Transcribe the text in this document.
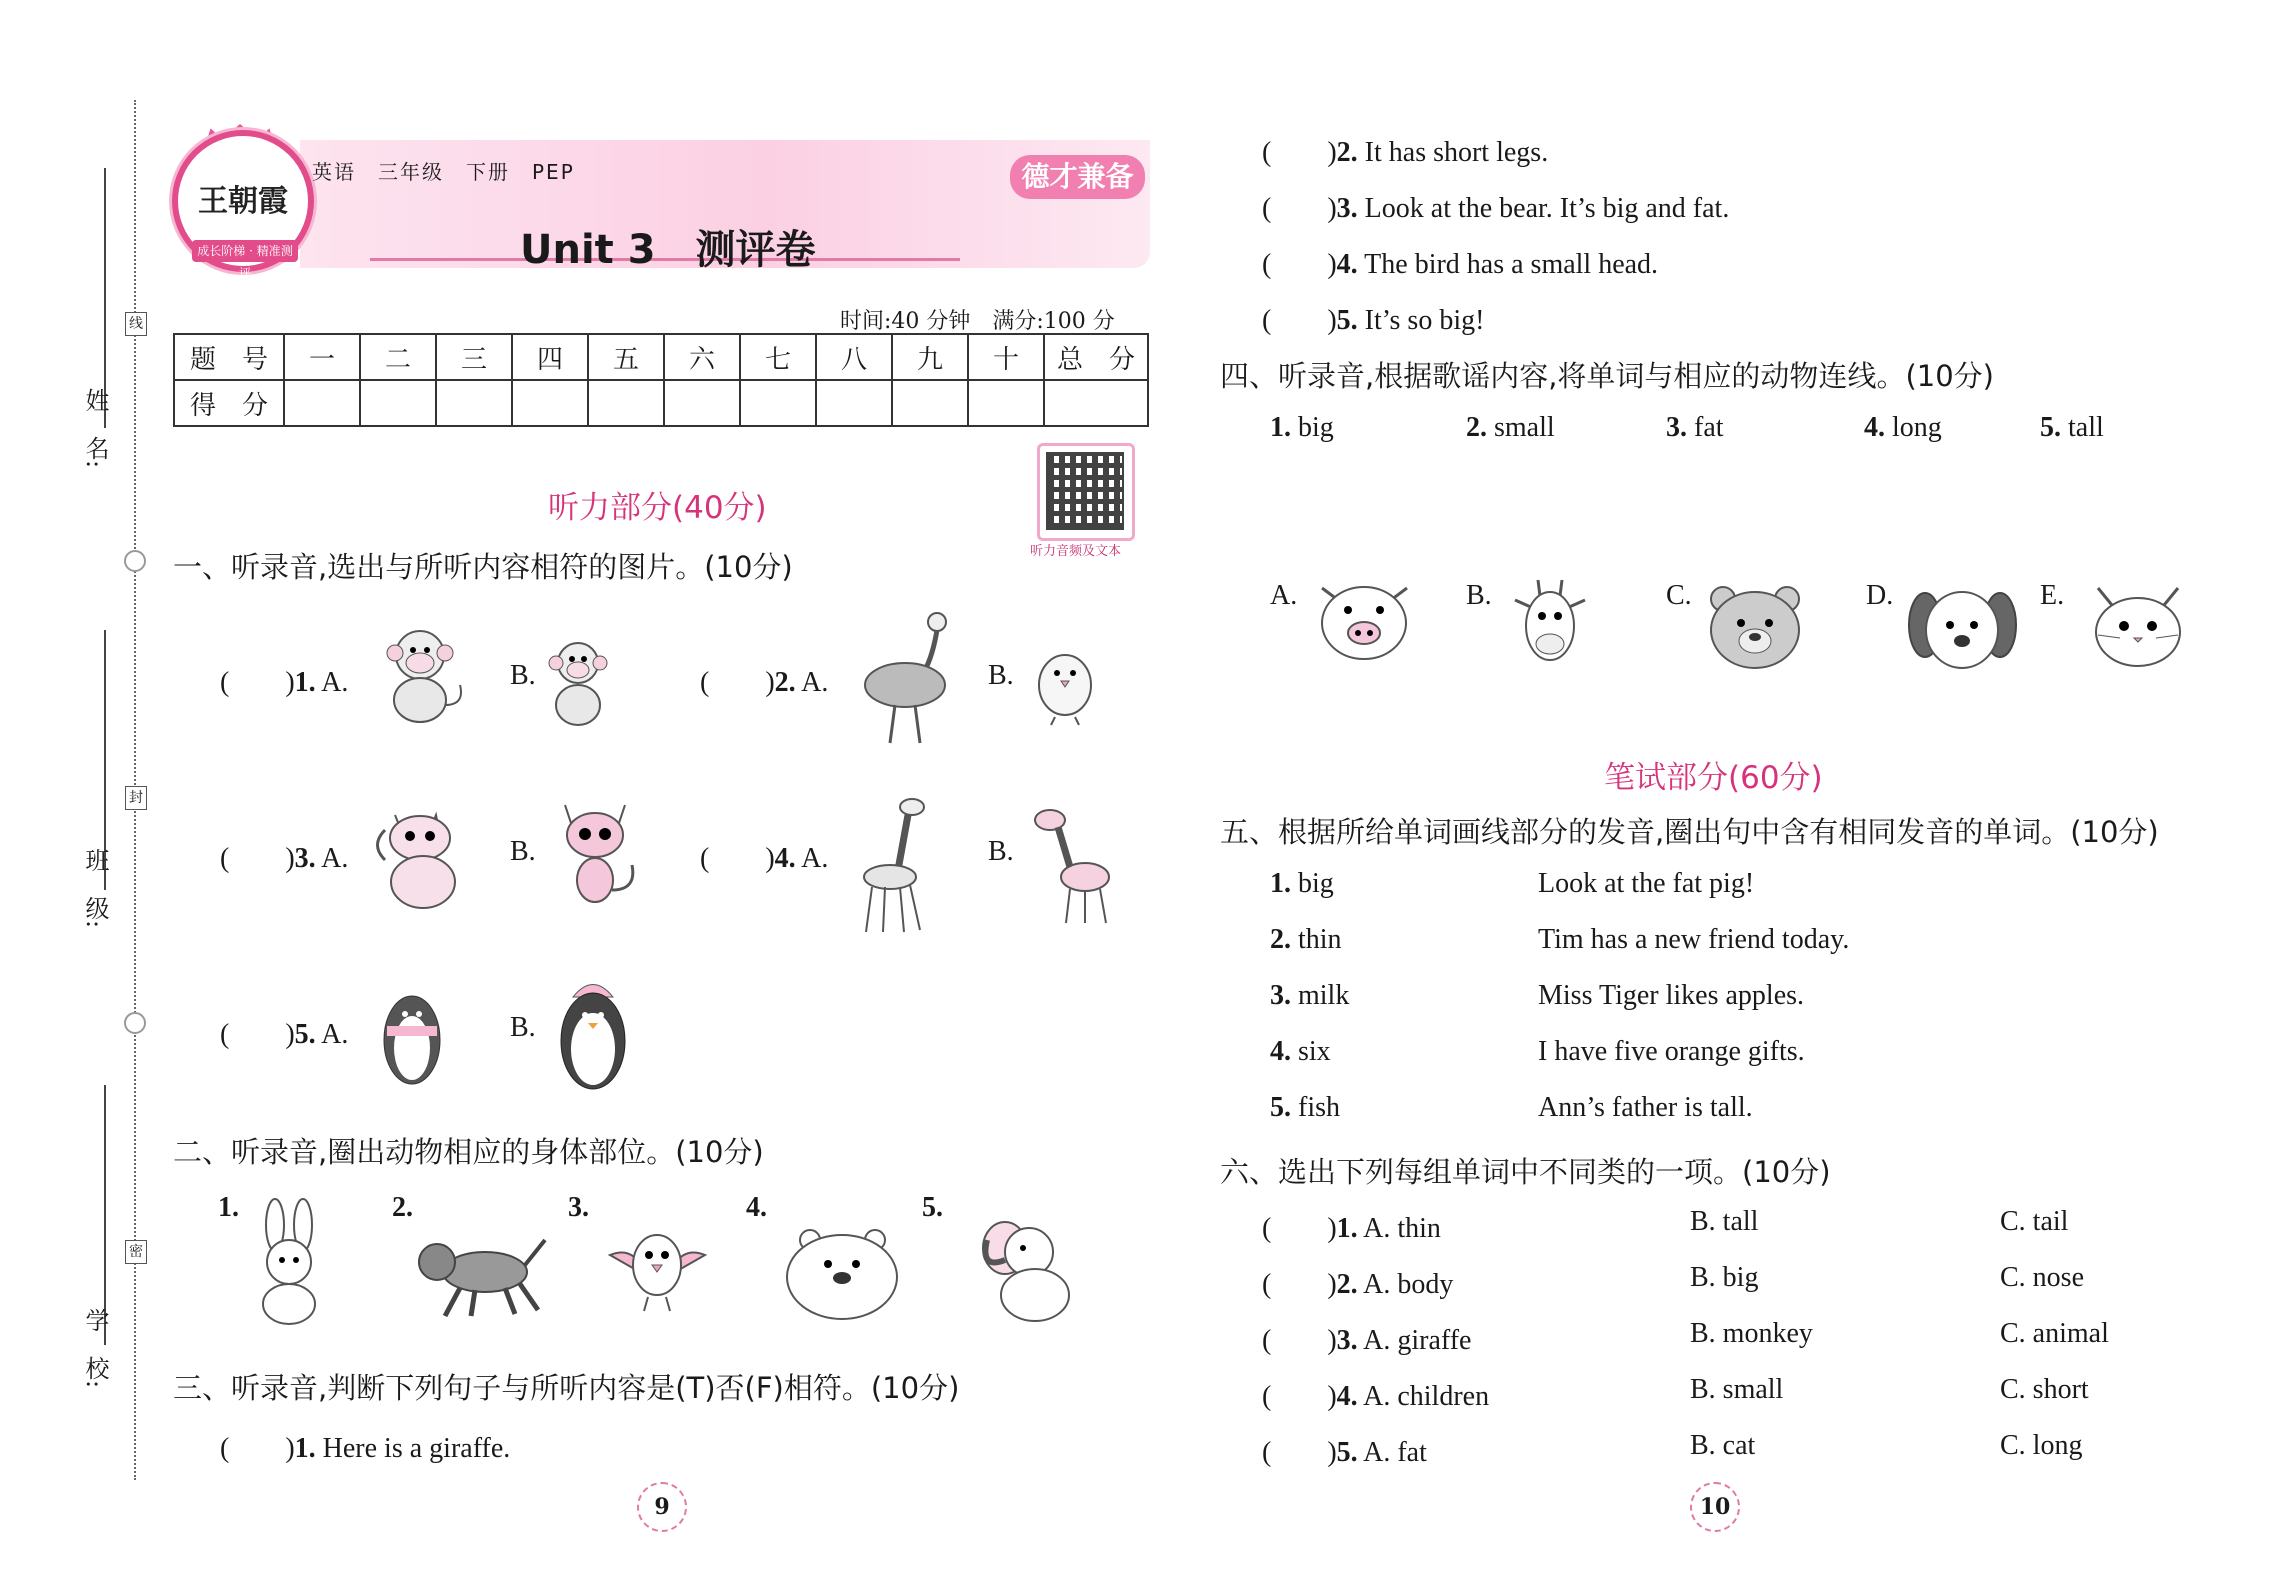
姓　名:
班　级:
学　校:
线
封
密
王朝霞
成长阶梯 · 精准测评
英语　三年级　下册　PEP
Unit 3　测评卷
德才兼备
时间:40 分钟　满分:100 分
题　号	一	二	三	四	五	六	七	八	九	十	总　分
得　分											
听力音频及文本
听力部分(40分)
一、听录音,选出与所听内容相符的图片。(10分)
(　　)1. A.	B.	(　　)2. A.	B.
(　　)3. A.	B.	(　　)4. A.	B.
(　　)5. A.	B.
二、听录音,圈出动物相应的身体部位。(10分)
1.	2.	3.	4.	5.
三、听录音,判断下列句子与所听内容是(T)否(F)相符。(10分)
(　　)1. Here is a giraffe.
9
(　　)2. It has short legs.
(　　)3. Look at the bear. It’s big and fat.
(　　)4. The bird has a small head.
(　　)5. It’s so big!
四、听录音,根据歌谣内容,将单词与相应的动物连线。(10分)
1. big	2. small	3. fat	4. long	5. tall
A.	B.	C.	D.	E.
笔试部分(60分)
五、根据所给单词画线部分的发音,圈出句中含有相同发音的单词。(10分)
1. big	Look at the fat pig!
2. thin	Tim has a new friend today.
3. milk	Miss Tiger likes apples.
4. six	I have five orange gifts.
5. fish	Ann’s father is tall.
六、选出下列每组单词中不同类的一项。(10分)
(　　)1. A. thin	B. tall	C. tail
(　　)2. A. body	B. big	C. nose
(　　)3. A. giraffe	B. monkey	C. animal
(　　)4. A. children	B. small	C. short
(　　)5. A. fat	B. cat	C. long
10
